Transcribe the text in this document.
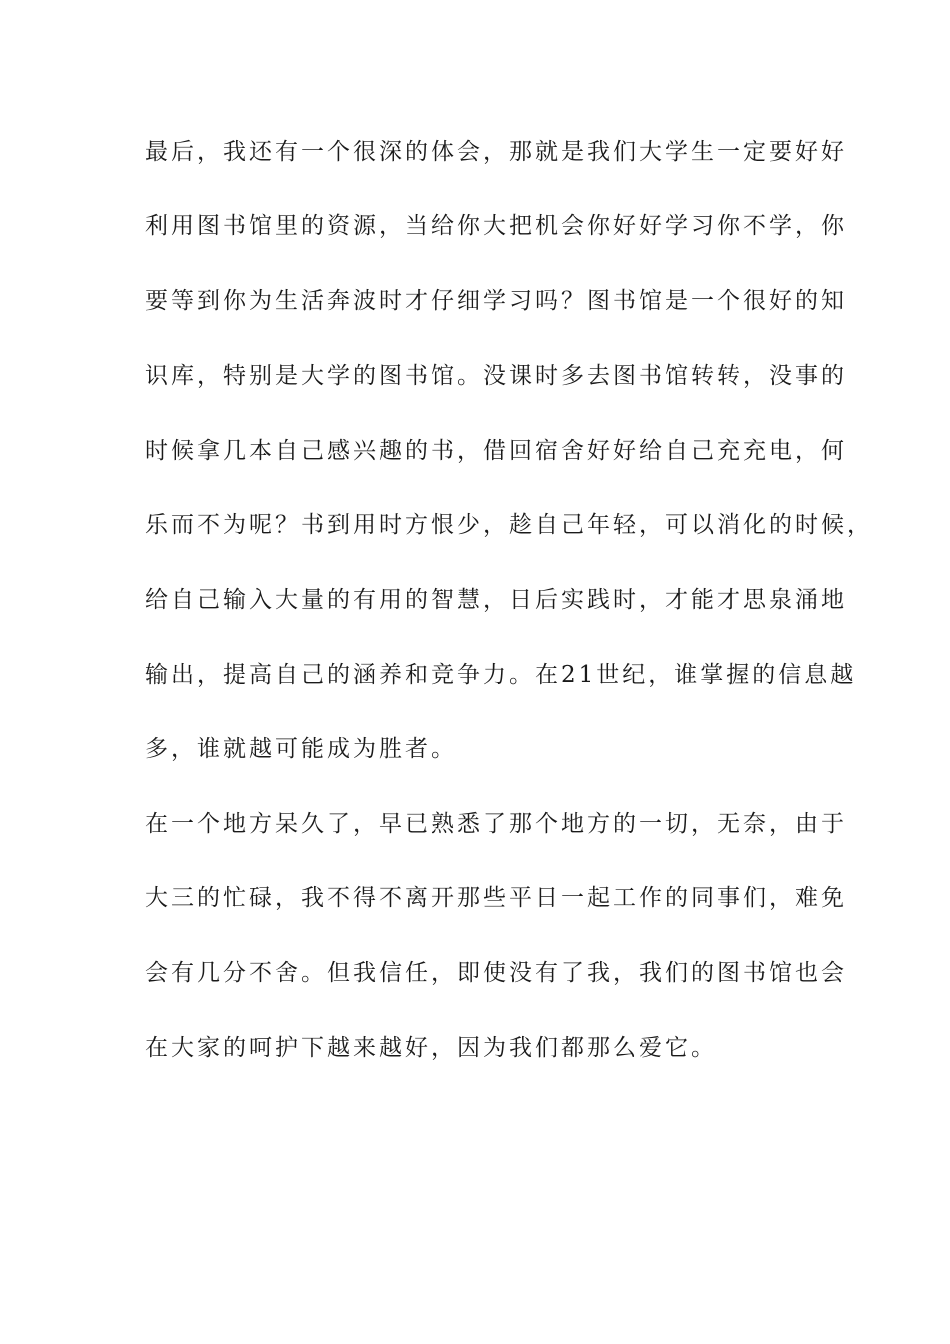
最后，我还有一个很深的体会，那就是我们大学生一定要好好
利用图书馆里的资源，当给你大把机会你好好学习你不学，你
要等到你为生活奔波时才仔细学习吗？图书馆是一个很好的知
识库，特别是大学的图书馆。没课时多去图书馆转转，没事的
时候拿几本自己感兴趣的书，借回宿舍好好给自己充充电，何
乐而不为呢？书到用时方恨少，趁自己年轻，可以消化的时候，
给自己输入大量的有用的智慧，日后实践时，才能才思泉涌地
输出，提高自己的涵养和竞争力。在21世纪，谁掌握的信息越
多，谁就越可能成为胜者。
在一个地方呆久了，早已熟悉了那个地方的一切，无奈，由于
大三的忙碌，我不得不离开那些平日一起工作的同事们，难免
会有几分不舍。但我信任，即使没有了我，我们的图书馆也会
在大家的呵护下越来越好，因为我们都那么爱它。
